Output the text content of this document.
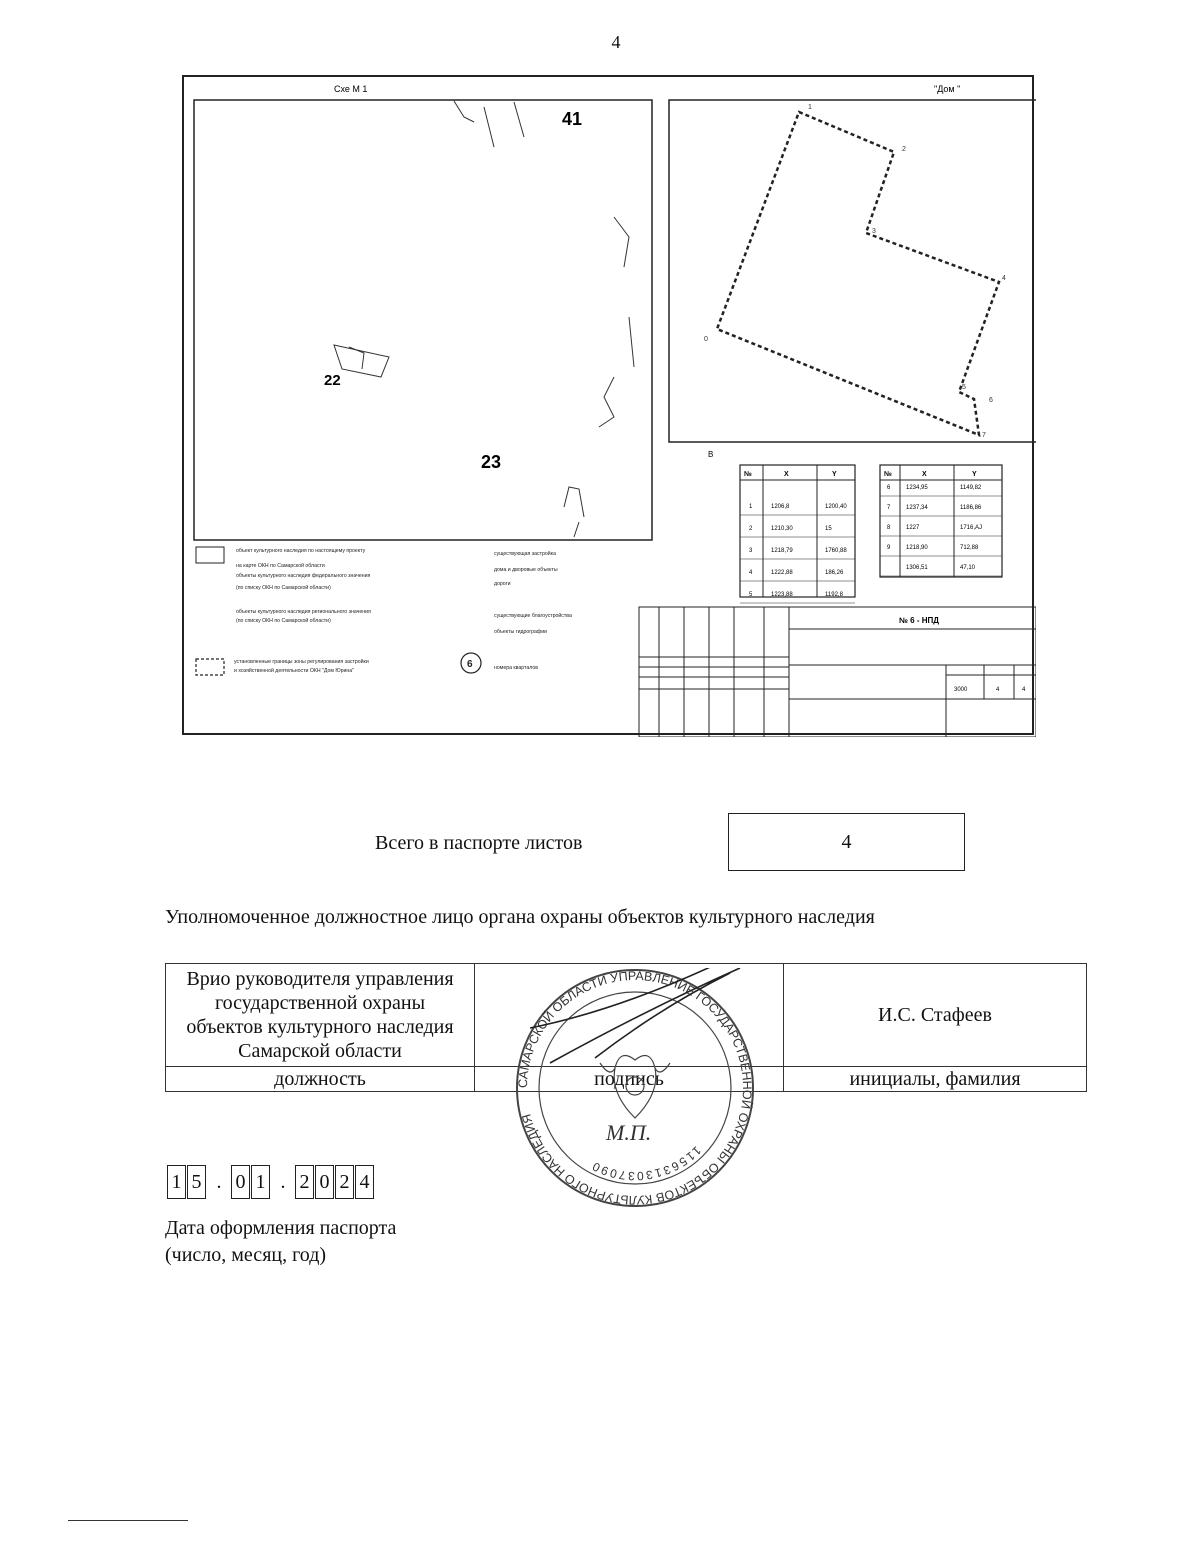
4
Схе М 1
41
22
23
"Дом "
1
2
3
4
5
6
7
0
В
№	X	Y
1	1206,8	1200,40
2	1210,30	15
3	1218,79	1760,88
4	1222,88	186,26
5	1223,88	1192,8
№	X	Y
6	1234,95	1149,82
7	1237,34	1186,86
8	1227	1716,AJ
9	1218,90	712,88
1306,51	47,10
6
объект культурного наследия по настоящему проекту
на карте ОКН по Самарской области
объекты культурного наследия федерального значения
(по списку ОКН по Самарской области)
объекты культурного наследия регионального значения
(по списку ОКН по Самарской области)
установленные границы зоны регулирования застройки
и хозяйственной деятельности ОКН "Дом Юрина"
существующая застройка
дома и дворовые объекты
дороги
существующие благоустройства
объекты гидрографии
номера кварталов
№ 6 - НПД
3000	4	4
Всего в паспорте листов	4
Уполномоченное должностное лицо органа охраны объектов культурного наследия
Врио руководителя управления
государственной охраны
объектов культурного наследия
Самарской области		И.С. Стафеев
должность	подпись	инициалы, фамилия
САМАРСКОЙ ОБЛАСТИ УПРАВЛЕНИЕ ГОСУДАРСТВЕННОЙ ОХРАНЫ ОБЪЕКТОВ КУЛЬТУРНОГО НАСЛЕДИЯ
1156313037090
М.П.
1 5 . 0 1 . 2 0 2 4
Дата оформления паспорта
(число, месяц, год)
